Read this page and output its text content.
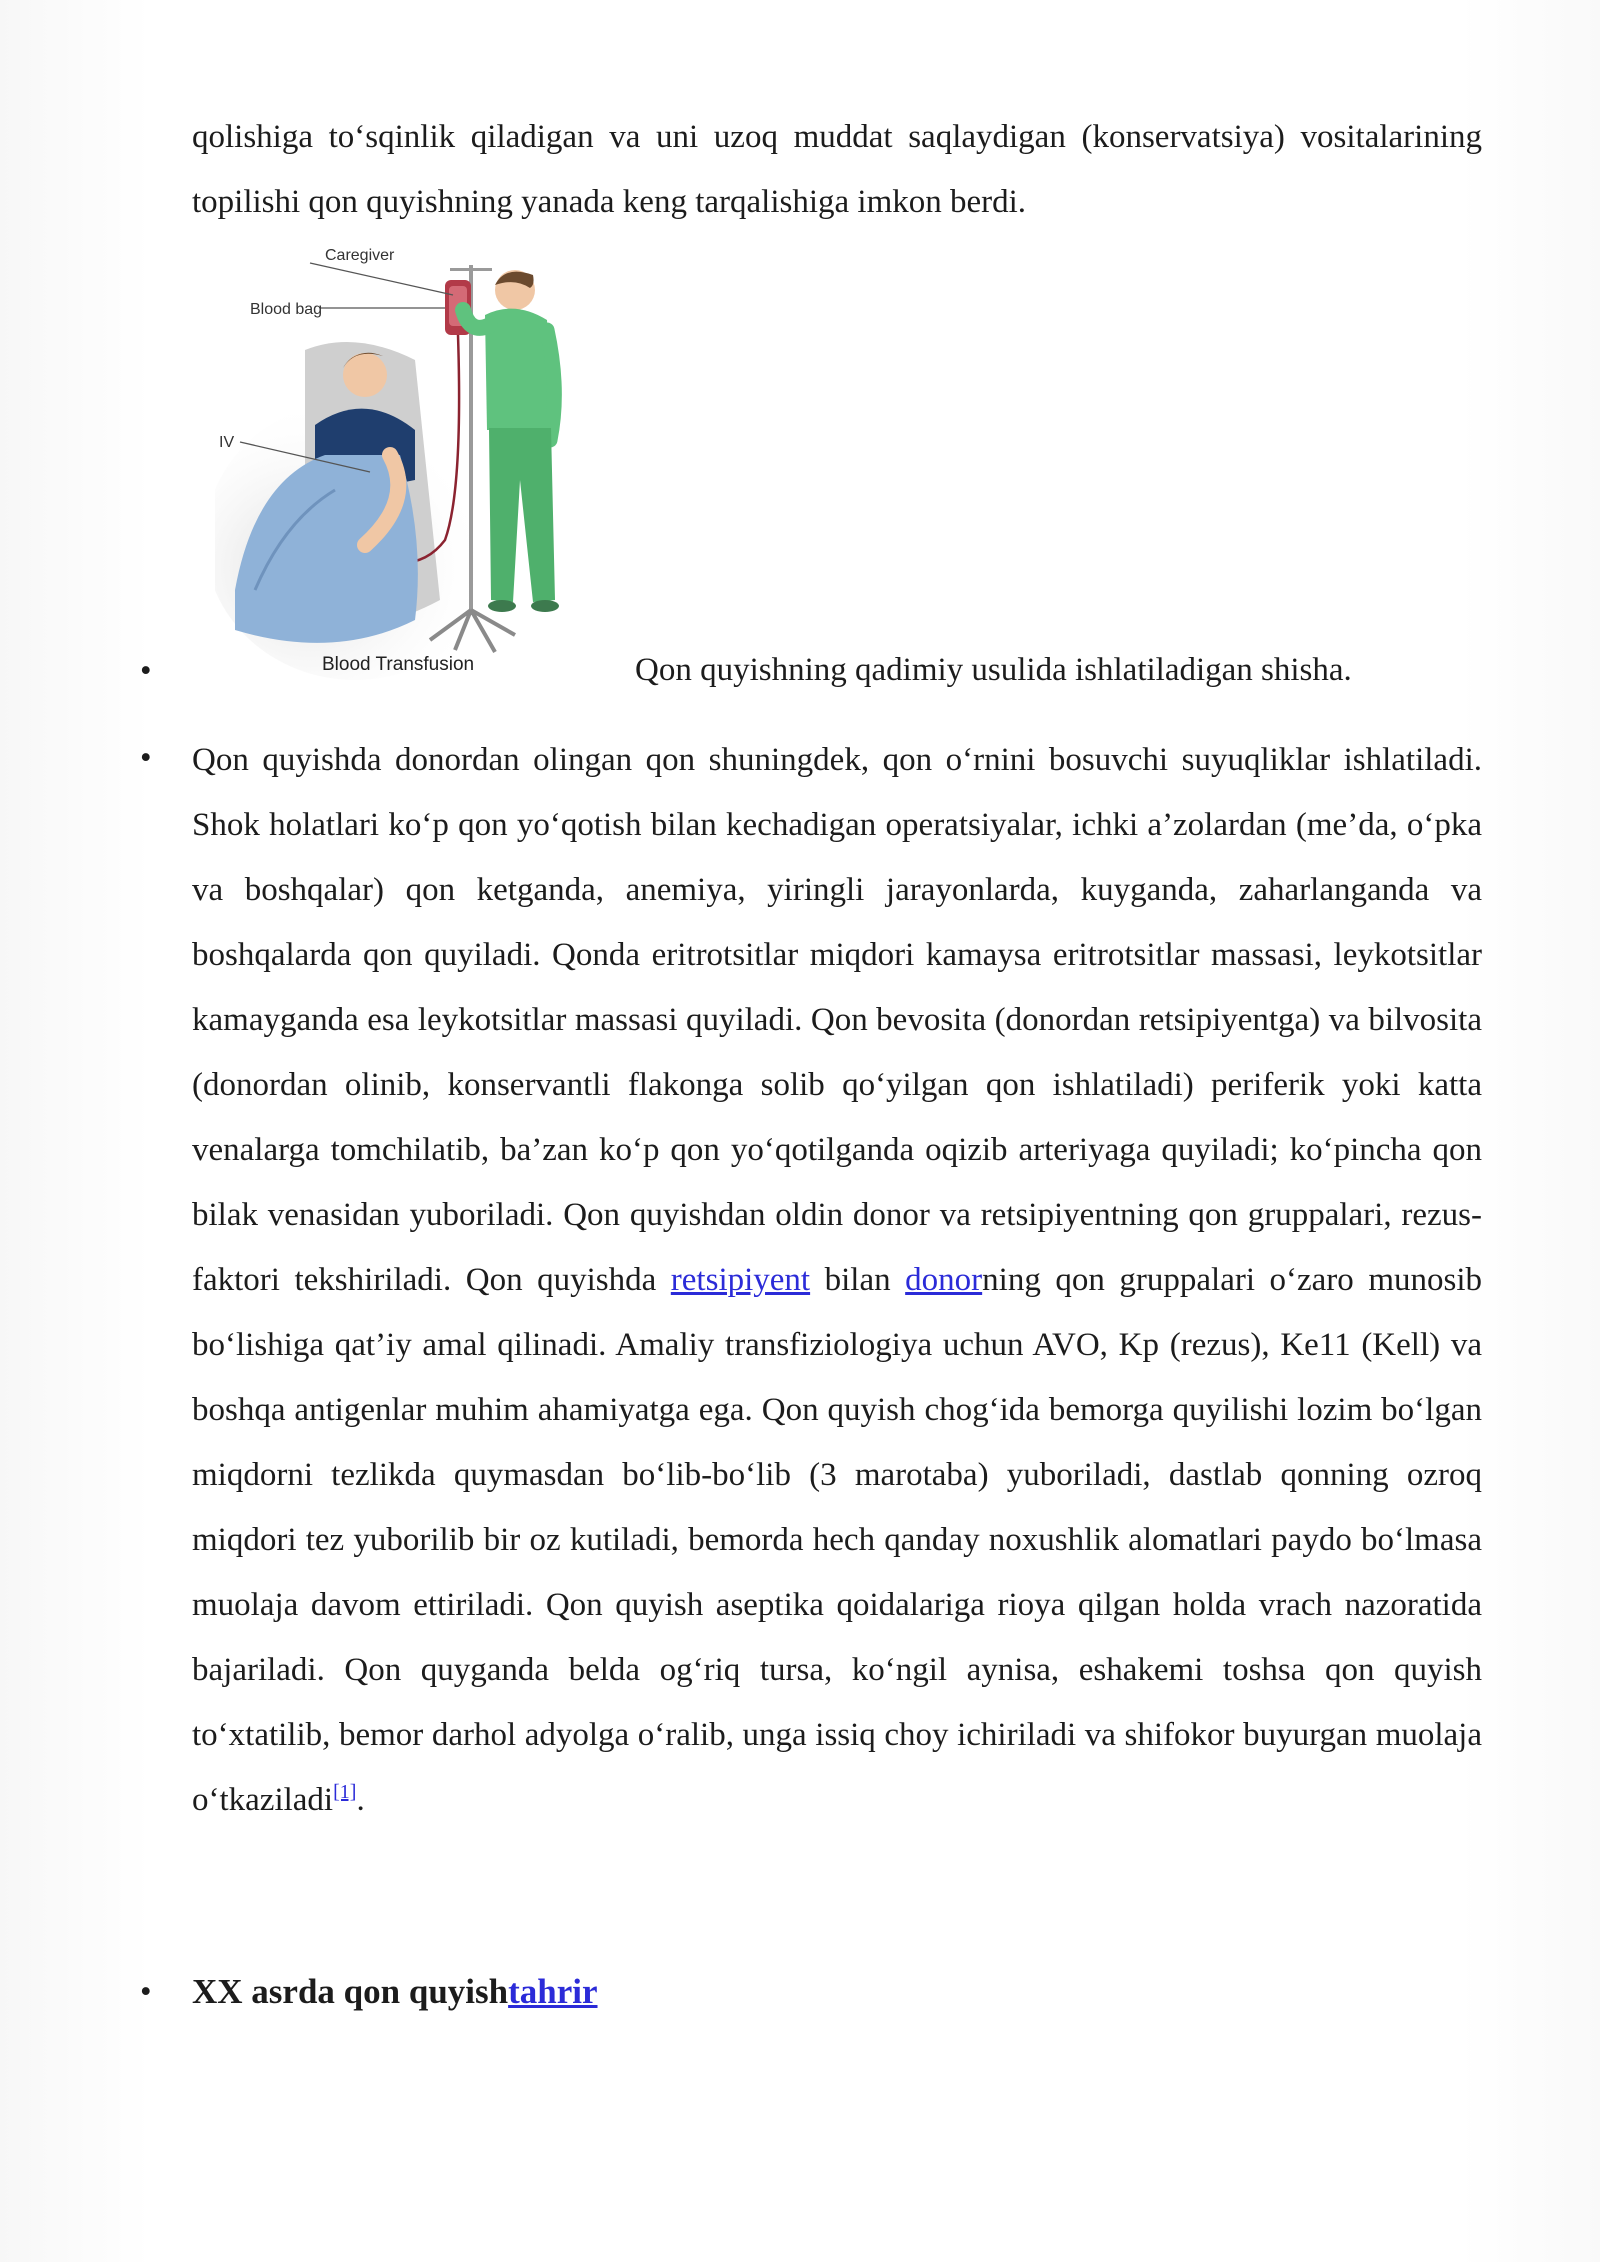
qolishiga to‘sqinlik qiladigan va uni uzoq muddat saqlaydigan (konservatsiya) vositalarining topilishi qon quyishning yanada keng tarqalishiga imkon berdi.

•
Caregiver
Blood bag
IV
Blood Transfusion	Qon quyishning qadimiy usulida ishlatiladigan shisha.
•

Qon quyishda donordan olingan qon shuningdek, qon o‘rnini bosuvchi suyuqliklar ishlatiladi. Shok holatlari ko‘p qon yo‘qotish bilan kechadigan operatsiyalar, ichki a’zolardan (me’da, o‘pka va boshqalar) qon ketganda, anemiya, yiringli jarayonlarda, kuyganda, zaharlanganda va boshqalarda qon quyiladi. Qonda eritrotsitlar miqdori kamaysa eritrotsitlar massasi, leykotsitlar kamayganda esa leykotsitlar massasi quyiladi. Qon bevosita (donordan retsipiyentga) va bilvosita (donordan olinib, konservantli flakonga solib qo‘yilgan qon ishlatiladi) periferik yoki katta venalarga tomchilatib, ba’zan ko‘p qon yo‘qotilganda oqizib arteriyaga quyiladi; ko‘pincha qon bilak venasidan yuboriladi. Qon quyishdan oldin donor va retsipiyentning qon gruppalari, rezus-faktori tekshiriladi. Qon quyishda retsipiyent bilan donorning qon gruppalari o‘zaro munosib bo‘lishiga qat’iy amal qilinadi. Amaliy transfiziologiya uchun AVO, Kp (rezus), Ke11 (Kell) va boshqa antigenlar muhim ahamiyatga ega. Qon quyish chog‘ida bemorga quyilishi lozim bo‘lgan miqdorni tezlikda quymasdan bo‘lib-bo‘lib (3 marotaba) yuboriladi, dastlab qonning ozroq miqdori tez yuborilib bir oz kutiladi, bemorda hech qanday noxushlik alomatlari paydo bo‘lmasa muolaja davom ettiriladi. Qon quyish aseptika qoidalariga rioya qilgan holda vrach nazoratida bajariladi. Qon quyganda belda og‘riq tursa, ko‘ngil aynisa, eshakemi toshsa qon quyish to‘xtatilib, bemor darhol adyolga o‘ralib, unga issiq choy ichiriladi va shifokor buyurgan muolaja o‘tkaziladi[1].

•
XX asrda qon quyishtahrir
